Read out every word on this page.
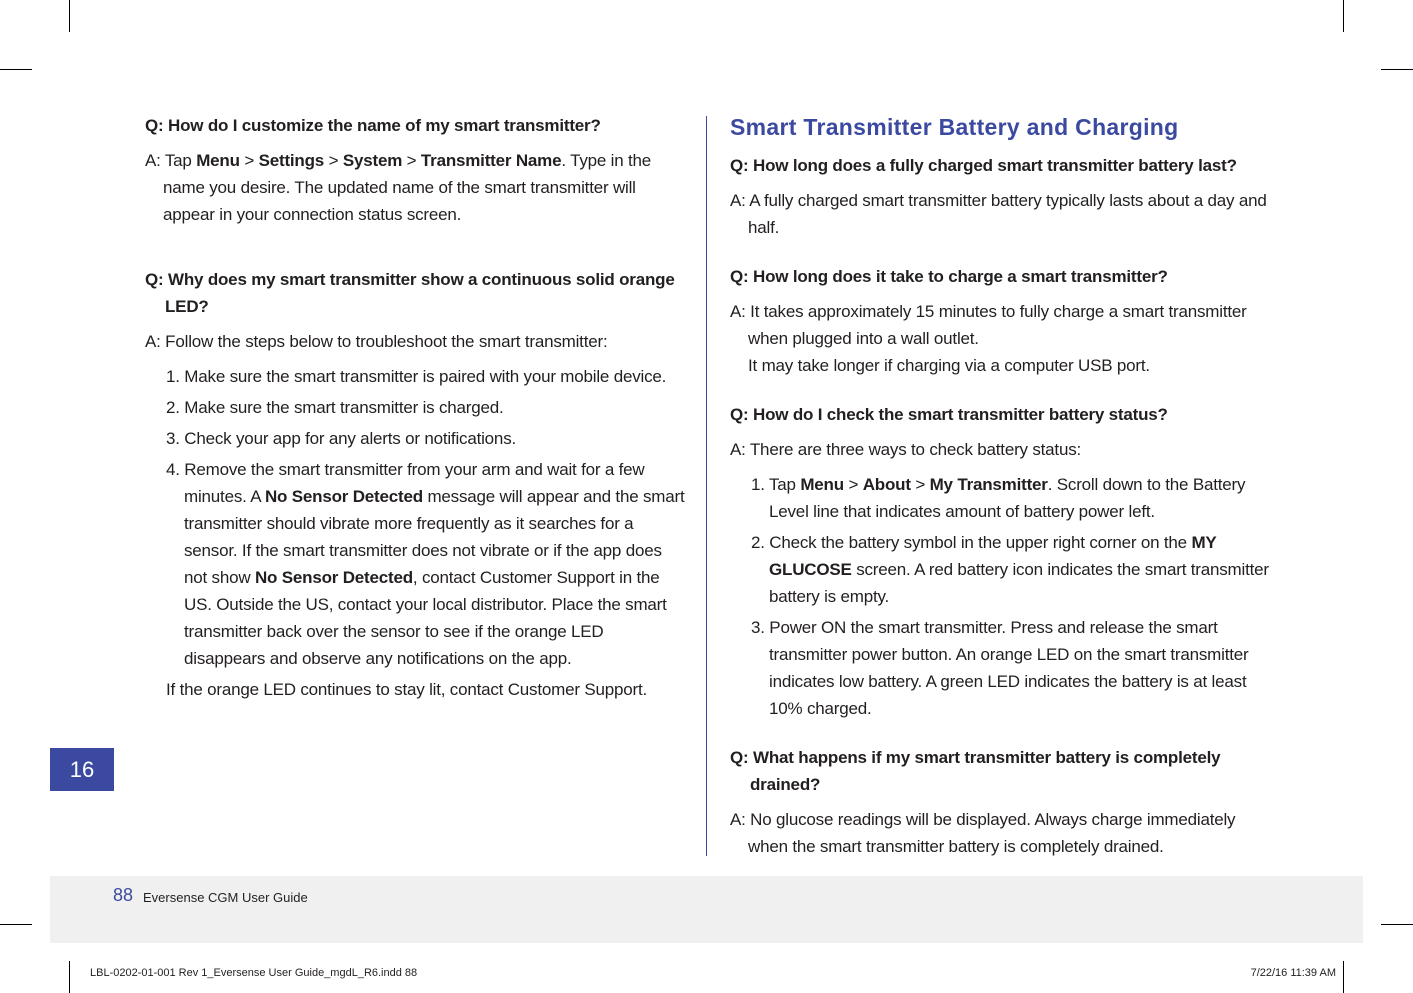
Q: How do I customize the name of my smart transmitter?

A: Tap Menu > Settings > System > Transmitter Name. Type in the name you desire. The updated name of the smart transmitter will appear in your connection status screen.

Q: Why does my smart transmitter show a continuous solid orange LED?

A: Follow the steps below to troubleshoot the smart transmitter:

1. Make sure the smart transmitter is paired with your mobile device.

2. Make sure the smart transmitter is charged.

3. Check your app for any alerts or notifications.

4. Remove the smart transmitter from your arm and wait for a few minutes. A No Sensor Detected message will appear and the smart transmitter should vibrate more frequently as it searches for a sensor. If the smart transmitter does not vibrate or if the app does not show No Sensor Detected, contact Customer Support in the US. Outside the US, contact your local distributor. Place the smart transmitter back over the sensor to see if the orange LED disappears and observe any notifications on the app.

If the orange LED continues to stay lit, contact Customer Support.

Smart Transmitter Battery and Charging

Q: How long does a fully charged smart transmitter battery last?

A: A fully charged smart transmitter battery typically lasts about a day and half.

Q: How long does it take to charge a smart transmitter?

A: It takes approximately 15 minutes to fully charge a smart transmitter when plugged into a wall outlet.

It may take longer if charging via a computer USB port.

Q: How do I check the smart transmitter battery status?

A: There are three ways to check battery status:

1. Tap Menu > About > My Transmitter. Scroll down to the Battery Level line that indicates amount of battery power left.

2. Check the battery symbol in the upper right corner on the MY GLUCOSE screen. A red battery icon indicates the smart transmitter battery is empty.

3. Power ON the smart transmitter. Press and release the smart transmitter power button. An orange LED on the smart transmitter indicates low battery. A green LED indicates the battery is at least 10% charged.

Q: What happens if my smart transmitter battery is completely drained?

A: No glucose readings will be displayed. Always charge immediately when the smart transmitter battery is completely drained.

16
88 Eversense CGM User Guide
LBL-0202-01-001 Rev 1_Eversense User Guide_mgdL_R6.indd 88	7/22/16 11:39 AM
